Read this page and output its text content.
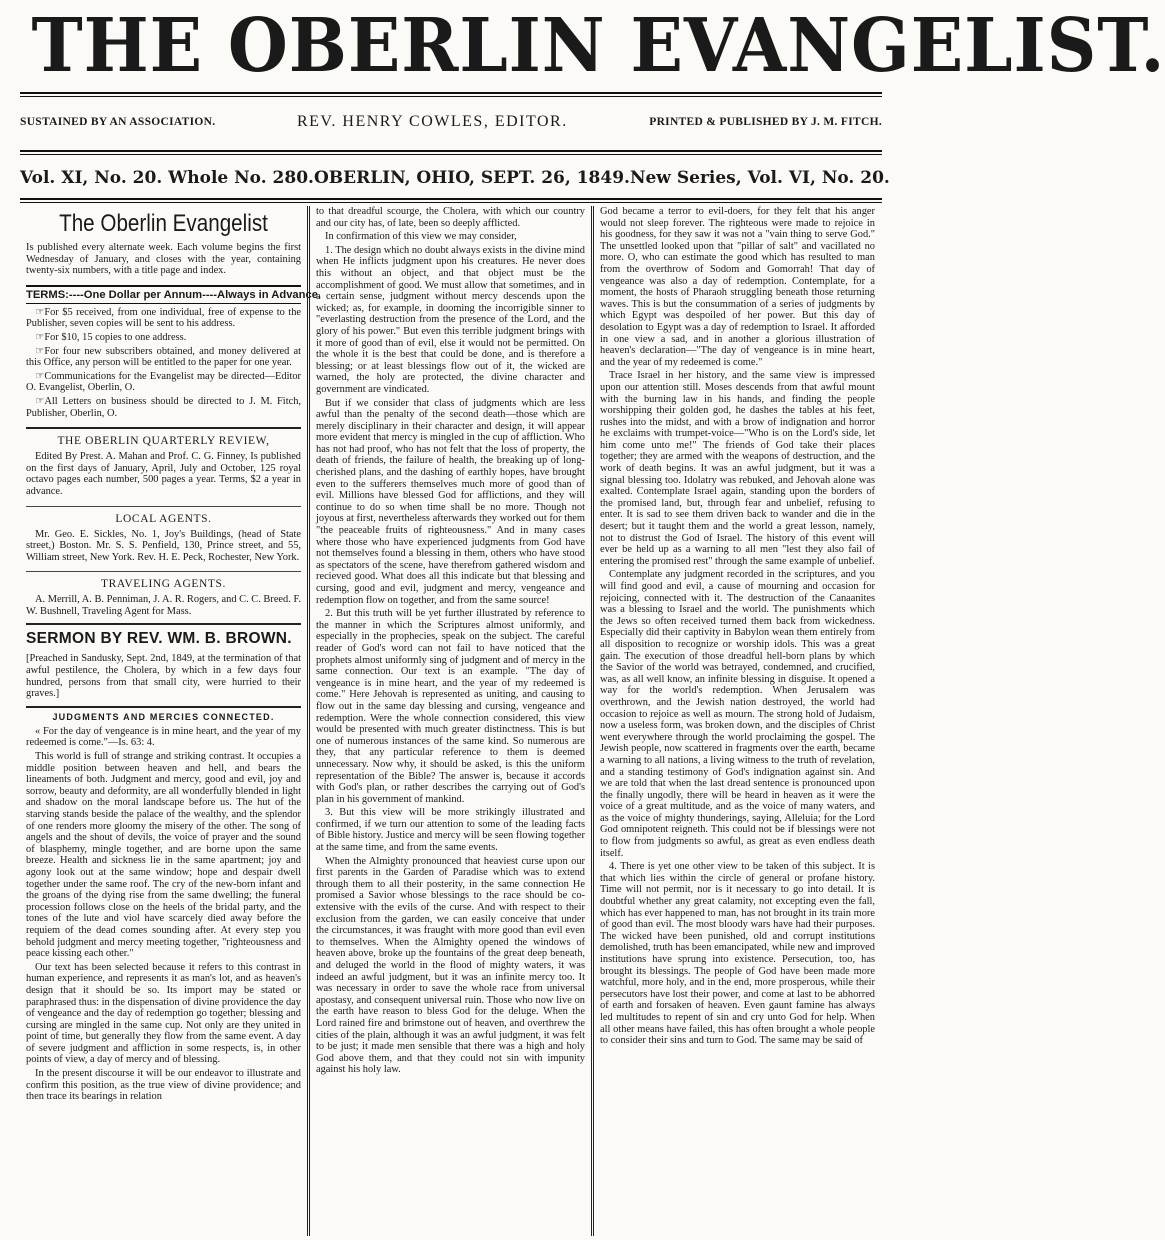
THE OBERLIN EVANGELIST.
SUSTAINED BY AN ASSOCIATION.	REV. HENRY COWLES, EDITOR.	PRINTED & PUBLISHED BY J. M. FITCH.
Vol. XI, No. 20. Whole No. 280. OBERLIN, OHIO, SEPT. 26, 1849. New Series, Vol. VI, No. 20.
The Oberlin Evangelist

Is published every alternate week. Each volume begins the first Wednesday of January, and closes with the year, containing twenty-six numbers, with a title page and index.

TERMS:----One Dollar per Annum----Always in Advance.

☞For $5 received, from one individual, free of expense to the Publisher, seven copies will be sent to his address.

☞For $10, 15 copies to one address.

☞For four new subscribers obtained, and money delivered at this Office, any person will be entitled to the paper for one year.

☞Communications for the Evangelist may be directed—Editor O. Evangelist, Oberlin, O.

☞All Letters on business should be directed to J. M. Fitch, Publisher, Oberlin, O.

THE OBERLIN QUARTERLY REVIEW,

Edited By Prest. A. Mahan and Prof. C. G. Finney, Is published on the first days of January, April, July and October, 125 royal octavo pages each number, 500 pages a year. Terms, $2 a year in advance.

LOCAL AGENTS.

Mr. Geo. E. Sickles, No. 1, Joy's Buildings, (head of State street,) Boston. Mr. S. S. Penfield, 130, Prince street, and 55, William street, New York. Rev. H. E. Peck, Rochester, New York.

TRAVELING AGENTS.

A. Merrill, A. B. Penniman, J. A. R. Rogers, and C. C. Breed. F. W. Bushnell, Traveling Agent for Mass.

SERMON BY REV. WM. B. BROWN.

[Preached in Sandusky, Sept. 2nd, 1849, at the termination of that awful pestilence, the Cholera, by which in a few days four hundred, persons from that small city, were hurried to their graves.]

JUDGMENTS AND MERCIES CONNECTED.

« For the day of vengeance is in mine heart, and the year of my redeemed is come."—Is. 63: 4.

This world is full of strange and striking contrast. It occupies a middle position between heaven and hell, and bears the lineaments of both. Judgment and mercy, good and evil, joy and sorrow, beauty and deformity, are all wonderfully blended in light and shadow on the moral landscape before us. The hut of the starving stands beside the palace of the wealthy, and the splendor of one renders more gloomy the misery of the other. The song of angels and the shout of devils, the voice of prayer and the sound of blasphemy, mingle together, and are borne upon the same breeze. Health and sickness lie in the same apartment; joy and agony look out at the same window; hope and despair dwell together under the same roof. The cry of the new-born infant and the groans of the dying rise from the same dwelling; the funeral procession follows close on the heels of the bridal party, and the tones of the lute and viol have scarcely died away before the requiem of the dead comes sounding after. At every step you behold judgment and mercy meeting together, "righteousness and peace kissing each other."

Our text has been selected because it refers to this contrast in human experience, and represents it as man's lot, and as heaven's design that it should be so. Its import may be stated or paraphrased thus: in the dispensation of divine providence the day of vengeance and the day of redemption go together; blessing and cursing are mingled in the same cup. Not only are they united in point of time, but generally they flow from the same event. A day of severe judgment and affliction in some respects, is, in other points of view, a day of mercy and of blessing.

In the present discourse it will be our endeavor to illustrate and confirm this position, as the true view of divine providence; and then trace its bearings in relation

to that dreadful scourge, the Cholera, with which our country and our city has, of late, been so deeply afflicted.

In confirmation of this view we may consider,

1. The design which no doubt always exists in the divine mind when He inflicts judgment upon his creatures. He never does this without an object, and that object must be the accomplishment of good. We must allow that sometimes, and in a certain sense, judgment without mercy descends upon the wicked; as, for example, in dooming the incorrigible sinner to "everlasting destruction from the presence of the Lord, and the glory of his power." But even this terrible judgment brings with it more of good than of evil, else it would not be permitted. On the whole it is the best that could be done, and is therefore a blessing; or at least blessings flow out of it, the wicked are warned, the holy are protected, the divine character and government are vindicated.

But if we consider that class of judgments which are less awful than the penalty of the second death—those which are merely disciplinary in their character and design, it will appear more evident that mercy is mingled in the cup of affliction. Who has not had proof, who has not felt that the loss of property, the death of friends, the failure of health, the breaking up of long-cherished plans, and the dashing of earthly hopes, have brought even to the sufferers themselves much more of good than of evil. Millions have blessed God for afflictions, and they will continue to do so when time shall be no more. Though not joyous at first, nevertheless afterwards they worked out for them "the peaceable fruits of righteousness." And in many cases where those who have experienced judgments from God have not themselves found a blessing in them, others who have stood as spectators of the scene, have therefrom gathered wisdom and recieved good. What does all this indicate but that blessing and cursing, good and evil, judgment and mercy, vengeance and redemption flow on together, and from the same source!

2. But this truth will be yet further illustrated by reference to the manner in which the Scriptures almost uniformly, and especially in the prophecies, speak on the subject. The careful reader of God's word can not fail to have noticed that the prophets almost uniformly sing of judgment and of mercy in the same connection. Our text is an example. "The day of vengeance is in mine heart, and the year of my redeemed is come." Here Jehovah is represented as uniting, and causing to flow out in the same day blessing and cursing, vengeance and redemption. Were the whole connection considered, this view would be presented with much greater distinctness. This is but one of numerous instances of the same kind. So numerous are they, that any particular reference to them is deemed unnecessary. Now why, it should be asked, is this the uniform representation of the Bible? The answer is, because it accords with God's plan, or rather describes the carrying out of God's plan in his government of mankind.

3. But this view will be more strikingly illustrated and confirmed, if we turn our attention to some of the leading facts of Bible history. Justice and mercy will be seen flowing together at the same time, and from the same events.

When the Almighty pronounced that heaviest curse upon our first parents in the Garden of Paradise which was to extend through them to all their posterity, in the same connection He promised a Savior whose blessings to the race should be co-extensive with the evils of the curse. And with respect to their exclusion from the garden, we can easily conceive that under the circumstances, it was fraught with more good than evil even to themselves. When the Almighty opened the windows of heaven above, broke up the fountains of the great deep beneath, and deluged the world in the flood of mighty waters, it was indeed an awful judgment, but it was an infinite mercy too. It was necessary in order to save the whole race from universal apostasy, and consequent universal ruin. Those who now live on the earth have reason to bless God for the deluge. When the Lord rained fire and brimstone out of heaven, and overthrew the cities of the plain, although it was an awful judgment, it was felt to be just; it made men sensible that there was a high and holy God above them, and that they could not sin with impunity against his holy law.

God became a terror to evil-doers, for they felt that his anger would not sleep forever. The righteous were made to rejoice in his goodness, for they saw it was not a "vain thing to serve God." The unsettled looked upon that "pillar of salt" and vacillated no more. O, who can estimate the good which has resulted to man from the overthrow of Sodom and Gomorrah! That day of vengeance was also a day of redemption. Contemplate, for a moment, the hosts of Pharaoh struggling beneath those returning waves. This is but the consummation of a series of judgments by which Egypt was despoiled of her power. But this day of desolation to Egypt was a day of redemption to Israel. It afforded in one view a sad, and in another a glorious illustration of heaven's declaration—"The day of vengeance is in mine heart, and the year of my redeemed is come."

Trace Israel in her history, and the same view is impressed upon our attention still. Moses descends from that awful mount with the burning law in his hands, and finding the people worshipping their golden god, he dashes the tables at his feet, rushes into the midst, and with a brow of indignation and horror he exclaims with trumpet-voice—"Who is on the Lord's side, let him come unto me!" The friends of God take their places together; they are armed with the weapons of destruction, and the work of death begins. It was an awful judgment, but it was a signal blessing too. Idolatry was rebuked, and Jehovah alone was exalted. Contemplate Israel again, standing upon the borders of the promised land, but, through fear and unbelief, refusing to enter. It is sad to see them driven back to wander and die in the desert; but it taught them and the world a great lesson, namely, not to distrust the God of Israel. The history of this event will ever be held up as a warning to all men "lest they also fail of entering the promised rest" through the same example of unbelief.

Contemplate any judgment recorded in the scriptures, and you will find good and evil, a cause of mourning and occasion for rejoicing, connected with it. The destruction of the Canaanites was a blessing to Israel and the world. The punishments which the Jews so often received turned them back from wickedness. Especially did their captivity in Babylon wean them entirely from all disposition to recognize or worship idols. This was a great gain. The execution of those dreadful hell-born plans by which the Savior of the world was betrayed, condemned, and crucified, was, as all well know, an infinite blessing in disguise. It opened a way for the world's redemption. When Jerusalem was overthrown, and the Jewish nation destroyed, the world had occasion to rejoice as well as mourn. The strong hold of Judaism, now a useless form, was broken down, and the disciples of Christ went everywhere through the world proclaiming the gospel. The Jewish people, now scattered in fragments over the earth, became a warning to all nations, a living witness to the truth of revelation, and a standing testimony of God's indignation against sin. And we are told that when the last dread sentence is pronounced upon the finally ungodly, there will be heard in heaven as it were the voice of a great multitude, and as the voice of many waters, and as the voice of mighty thunderings, saying, Alleluia; for the Lord God omnipotent reigneth. This could not be if blessings were not to flow from judgments so awful, as great as even endless death itself.

4. There is yet one other view to be taken of this subject. It is that which lies within the circle of general or profane history. Time will not permit, nor is it necessary to go into detail. It is doubtful whether any great calamity, not excepting even the fall, which has ever happened to man, has not brought in its train more of good than evil. The most bloody wars have had their purposes. The wicked have been punished, old and corrupt institutions demolished, truth has been emancipated, while new and improved institutions have sprung into existence. Persecution, too, has brought its blessings. The people of God have been made more watchful, more holy, and in the end, more prosperous, while their persecutors have lost their power, and come at last to be abhorred of earth and forsaken of heaven. Even gaunt famine has always led multitudes to repent of sin and cry unto God for help. When all other means have failed, this has often brought a whole people to consider their sins and turn to God. The same may be said of
